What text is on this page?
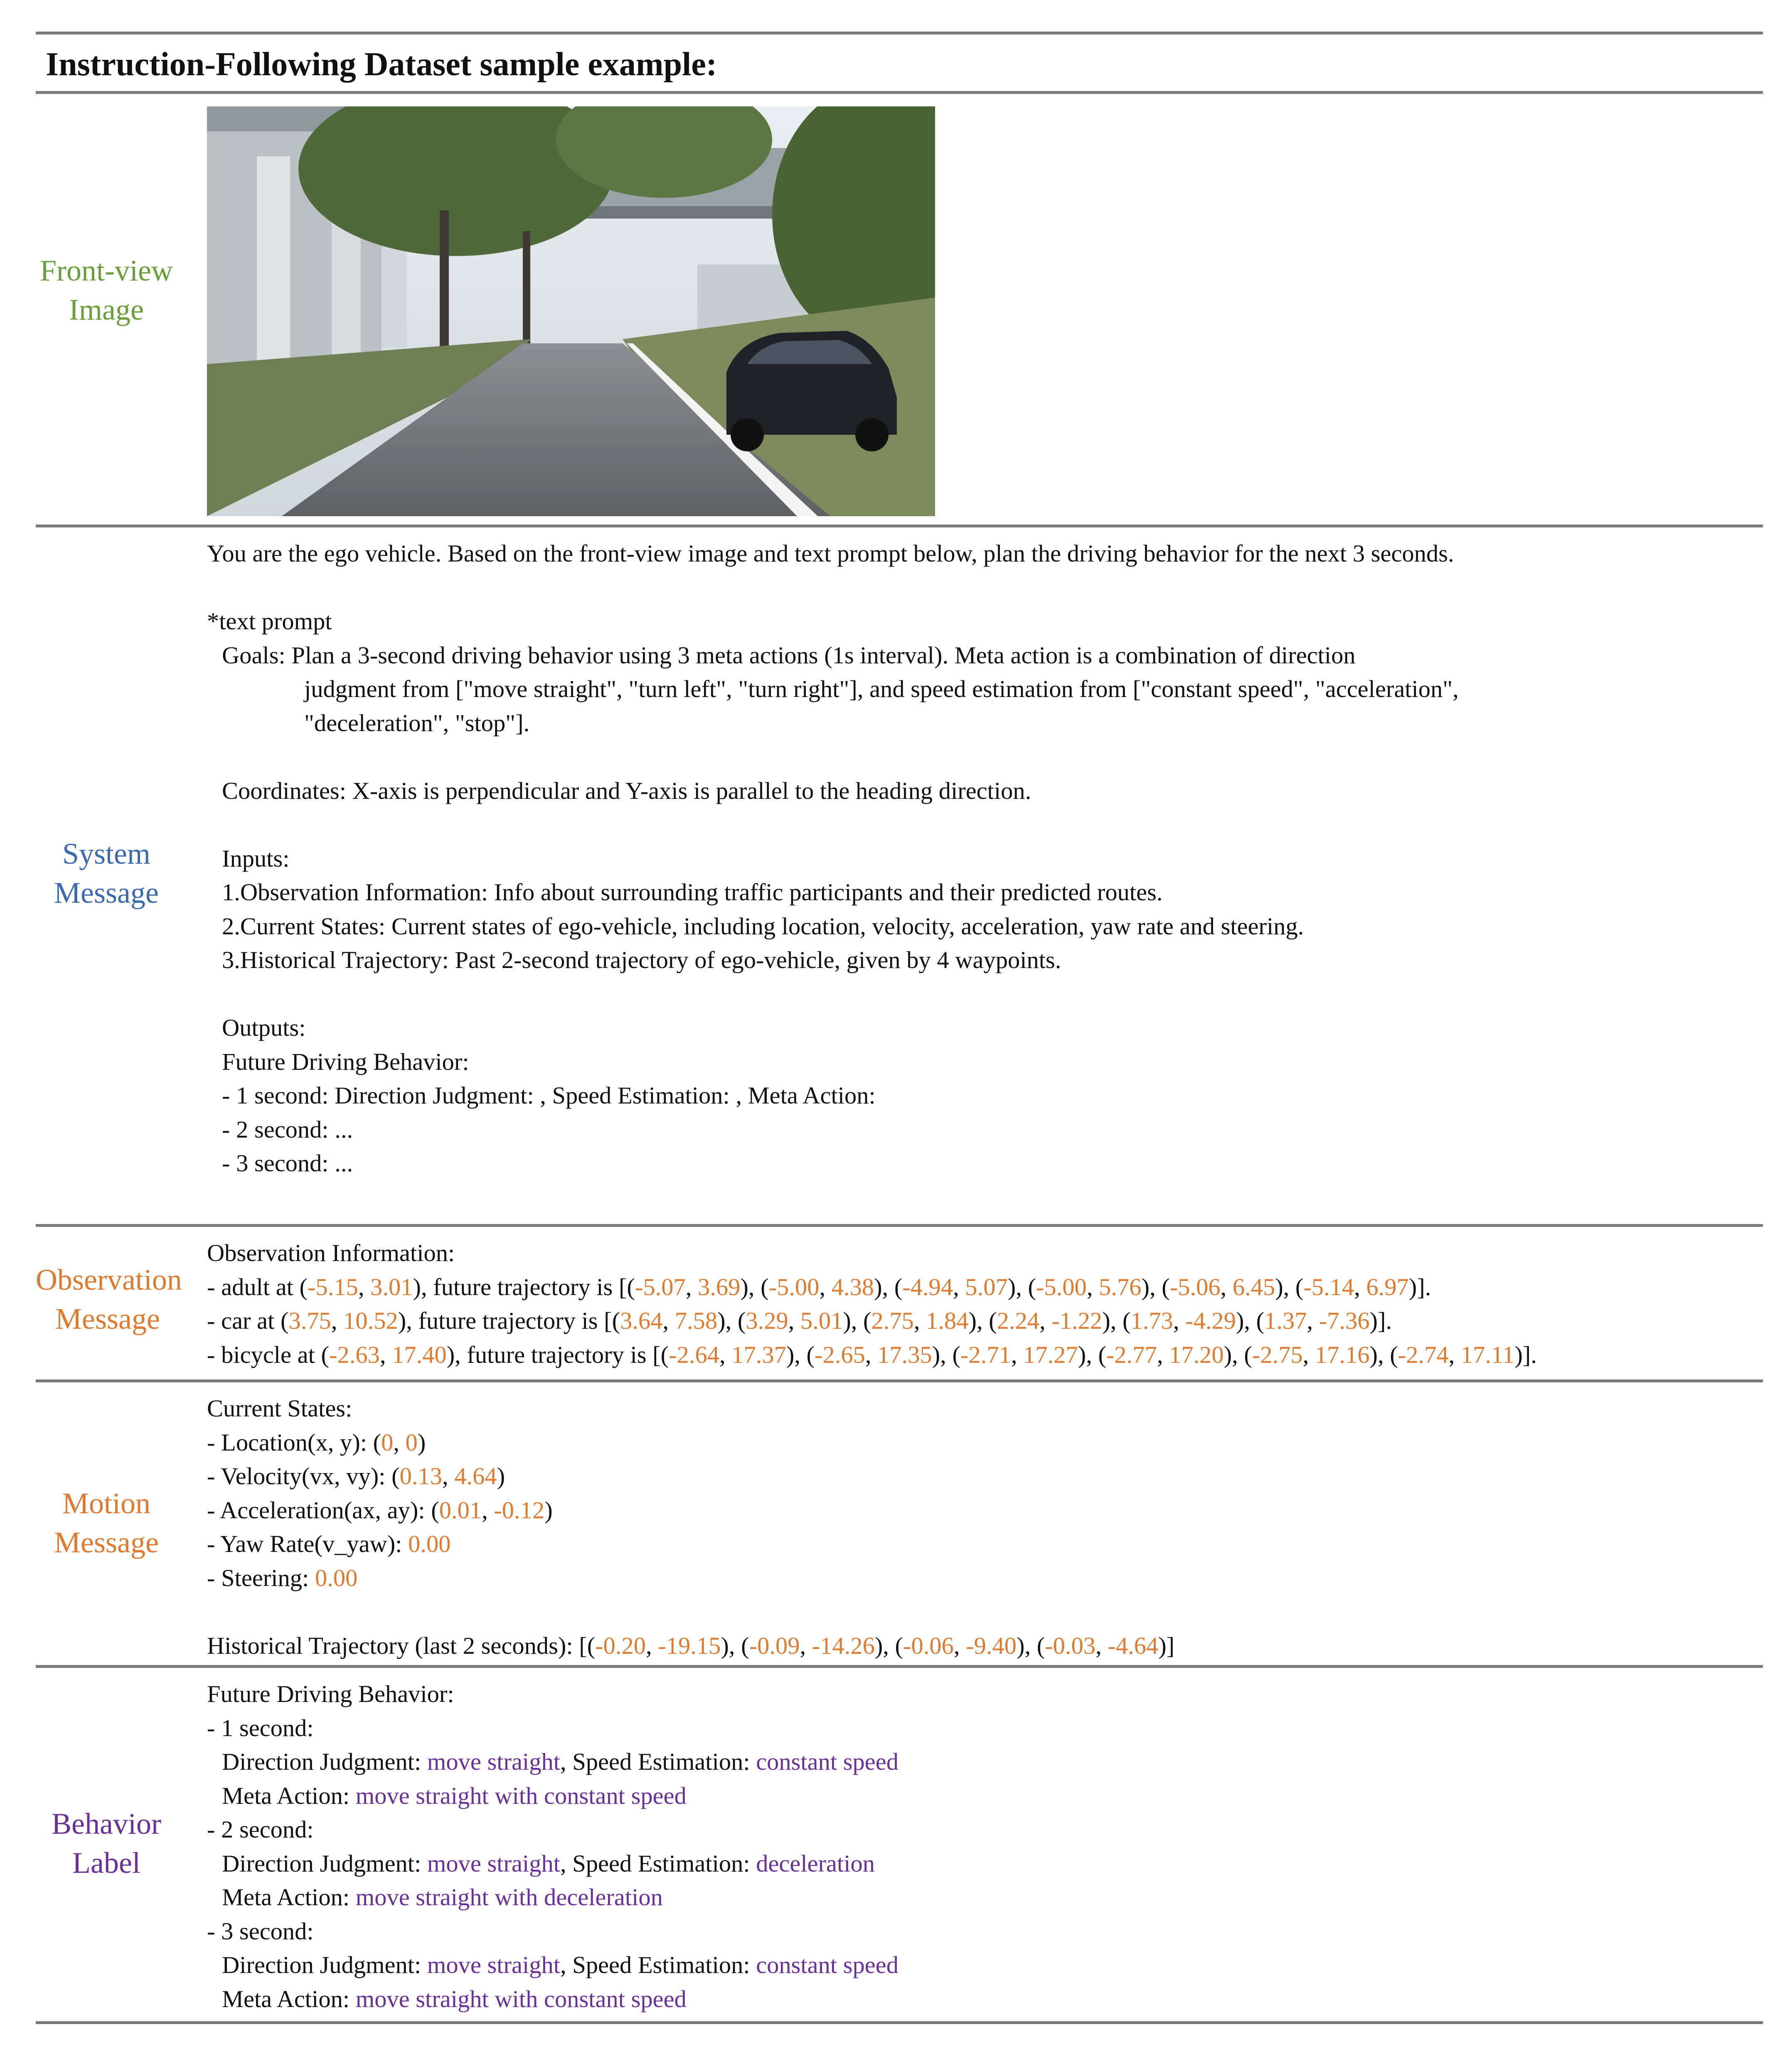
Instruction-Following Dataset sample example:
Front-view Image
System Message
You are the ego vehicle. Based on the front-view image and text prompt below, plan the driving behavior for the next 3 seconds.
*text prompt
Goals: Plan a 3-second driving behavior using 3 meta actions (1s interval). Meta action is a combination of direction
judgment from ["move straight", "turn left", "turn right"], and speed estimation from ["constant speed", "acceleration",
"deceleration", "stop"].
Coordinates: X-axis is perpendicular and Y-axis is parallel to the heading direction.
Inputs:
1.Observation Information: Info about surrounding traffic participants and their predicted routes.
2.Current States: Current states of ego-vehicle, including location, velocity, acceleration, yaw rate and steering.
3.Historical Trajectory: Past 2-second trajectory of ego-vehicle, given by 4 waypoints.
Outputs:
Future Driving Behavior:
- 1 second: Direction Judgment: , Speed Estimation: , Meta Action:
- 2 second: ...
- 3 second: ...
Observation Message
Observation Information:
- adult at (-5.15, 3.01), future trajectory is [(-5.07, 3.69), (-5.00, 4.38), (-4.94, 5.07), (-5.00, 5.76), (-5.06, 6.45), (-5.14, 6.97)].
- car at (3.75, 10.52), future trajectory is [(3.64, 7.58), (3.29, 5.01), (2.75, 1.84), (2.24, -1.22), (1.73, -4.29), (1.37, -7.36)].
- bicycle at (-2.63, 17.40), future trajectory is [(-2.64, 17.37), (-2.65, 17.35), (-2.71, 17.27), (-2.77, 17.20), (-2.75, 17.16), (-2.74, 17.11)].
Motion Message
Current States:
- Location(x, y): (0, 0)
- Velocity(vx, vy): (0.13, 4.64)
- Acceleration(ax, ay): (0.01, -0.12)
- Yaw Rate(v_yaw): 0.00
- Steering: 0.00
Historical Trajectory (last 2 seconds): [(-0.20, -19.15), (-0.09, -14.26), (-0.06, -9.40), (-0.03, -4.64)]
Behavior Label
Future Driving Behavior:
- 1 second:
Direction Judgment: move straight, Speed Estimation: constant speed
Meta Action: move straight with constant speed
- 2 second:
Direction Judgment: move straight, Speed Estimation: deceleration
Meta Action: move straight with deceleration
- 3 second:
Direction Judgment: move straight, Speed Estimation: constant speed
Meta Action: move straight with constant speed
